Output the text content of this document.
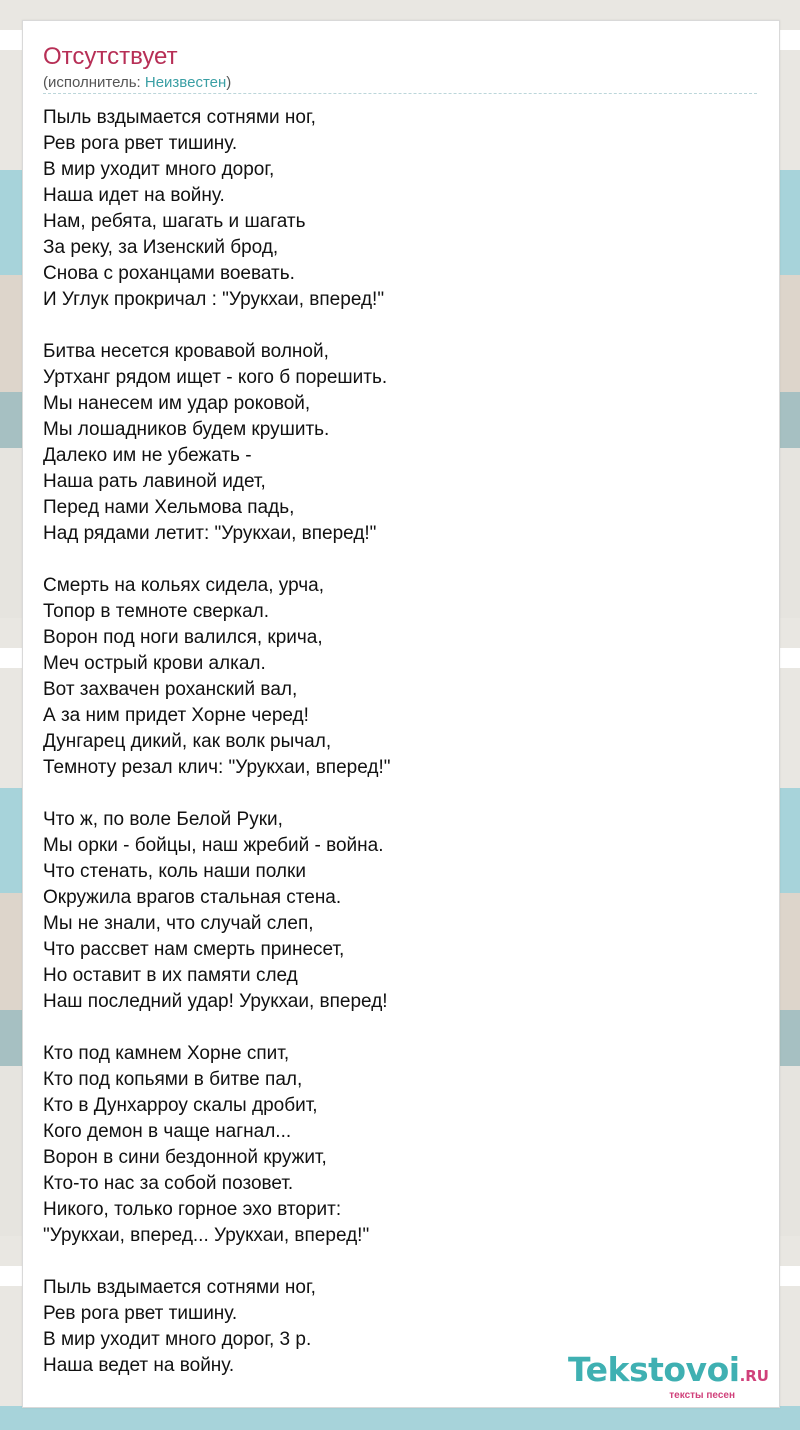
Отсутствует
(исполнитель: Неизвестен)
Пыль вздымается сотнями ног,
Рев рога рвет тишину.
В мир уходит много дорог,
Наша идет на войну.
Нам, ребята, шагать и шагать
За реку, за Изенский брод,
Снова с роханцами воевать.
И Углук прокричал : "Урукхаи, вперед!"
Битва несется кровавой волной,
Уртханг рядом ищет - кого б порешить.
Мы нанесем им удар роковой,
Мы лошадников будем крушить.
Далеко им не убежать -
Наша рать лавиной идет,
Перед нами Хельмова падь,
Над рядами летит: "Урукхаи, вперед!"
Смерть на кольях сидела, урча,
Топор в темноте сверкал.
Ворон под ноги валился, крича,
Меч острый крови алкал.
Вот захвачен роханский вал,
А за ним придет Хорне черед!
Дунгарец дикий, как волк рычал,
Темноту резал клич: "Урукхаи, вперед!"
Что ж, по воле Белой Руки,
Мы орки - бойцы, наш жребий - война.
Что стенать, коль наши полки
Окружила врагов стальная стена.
Мы не знали, что случай слеп,
Что рассвет нам смерть принесет,
Но оставит в их памяти след
Наш последний удар! Урукхаи, вперед!
Кто под камнем Хорне спит,
Кто под копьями в битве пал,
Кто в Дунхарроу скалы дробит,
Кого демон в чаще нагнал...
Ворон в сини бездонной кружит,
Кто-то нас за собой позовет.
Никого, только горное эхо вторит:
"Урукхаи, вперед... Урукхаи, вперед!"
Пыль вздымается сотнями ног,
Рев рога рвет тишину.
В мир уходит много дорог, 3 р.
Наша ведет на войну.	Tekstovoi.RU
тексты песен
